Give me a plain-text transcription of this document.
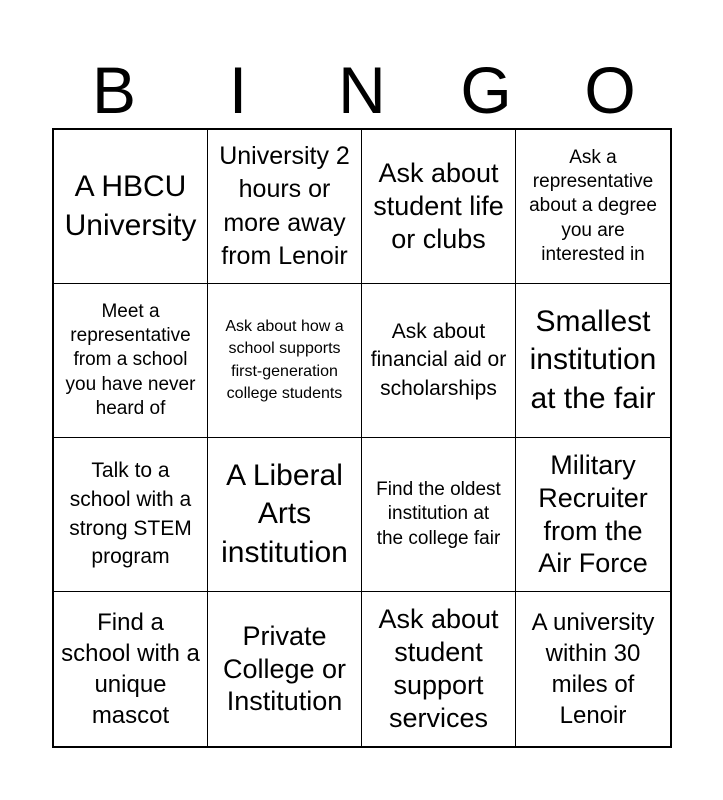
B	I	N	G	O
A HBCU University
University 2 hours or more away from Lenoir
Ask about student life or clubs
Ask a representative about a degree you are interested in
Meet a representative from a school you have never heard of
Ask about how a school supports first-generation college students
Ask about financial aid or scholarships
Smallest institution at the fair
Talk to a school with a strong STEM program
A Liberal Arts institution
Find the oldest institution at the college fair
Military Recruiter from the Air Force
Find a school with a unique mascot
Private College or Institution
Ask about student support services
A university within 30 miles of Lenoir
